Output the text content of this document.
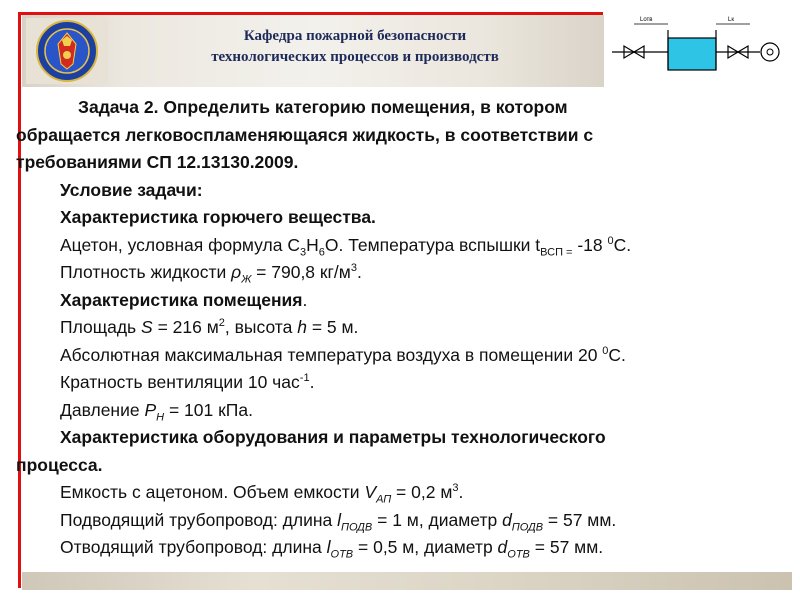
Кафедра пожарной безопасности
технологических процессов и производств
Lотв	Lк
Задача 2. Определить категорию помещения, в котором
обращается легковоспламеняющаяся жидкость, в соответствии с
требованиями СП 12.13130.2009.
Условие задачи:
Характеристика горючего вещества.
Ацетон, условная формула $С_3Н_6О$. Температура вспышки $t_{ВСП =}$ -18 $^0$С.
Плотность жидкости $\rho_Ж = 790,8$ $кг/м^3$.
Характеристика помещения.
Площадь S = 216 $м^2$, высота h = 5 м.
Абсолютная максимальная температура воздуха в помещении 20 $^0$С.
Кратность вентиляции 10 час$^{-1}$.
Давление $P_Н = 101$ кПа.
Характеристика оборудования и параметры технологического
процесса.
Емкость с ацетоном. Объем емкости $V_{АП} = 0,2$ $м^3$.
Подводящий трубопровод: длина $l_{ПОДВ} = 1$ м, диаметр $d_{ПОДВ} = 57$ мм.
Отводящий трубопровод: длина $l_{ОТВ} = 0,5$ м, диаметр $d_{ОТВ} = 57$ мм.
